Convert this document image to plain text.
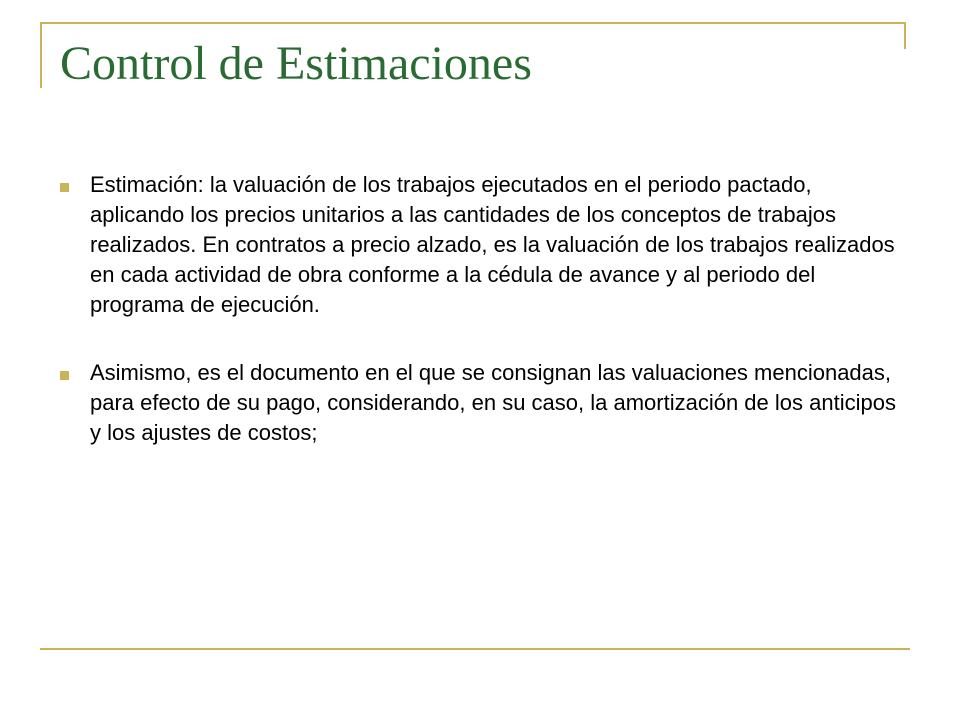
Control de Estimaciones
Estimación: la valuación de los trabajos ejecutados en el periodo pactado, aplicando los precios unitarios a las cantidades de los conceptos de trabajos realizados. En contratos a precio alzado, es la valuación de los trabajos realizados en cada actividad de obra conforme a la cédula de avance y al periodo del programa de ejecución.
Asimismo, es el documento en el que se consignan las valuaciones mencionadas, para efecto de su pago, considerando, en su caso, la amortización de los anticipos y los ajustes de costos;
